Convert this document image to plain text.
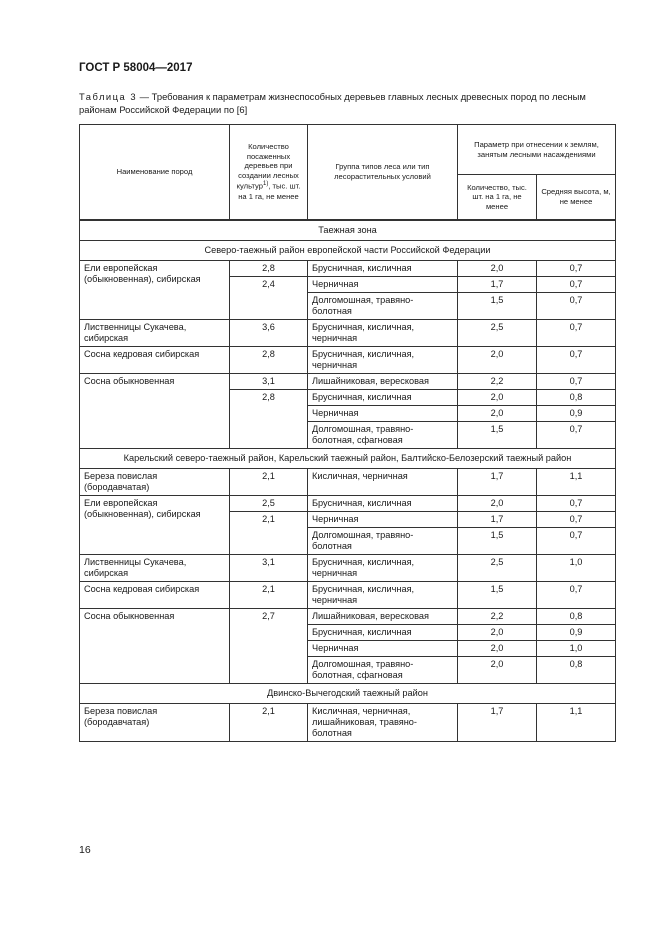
ГОСТ Р 58004—2017
Таблица 3 — Требования к параметрам жизнеспособных деревьев главных лесных древесных пород по лесным районам Российской Федерации по [6]
Наименование пород	Количество посаженных деревьев при создании лесных культур$^{1)}$, тыс. шт. на 1 га, не менее	Группа типов леса или тип лесорастительных условий	Параметр при отнесении к землям, занятым лесными насаждениями	
			Количество, тыс. шт. на 1 га, не менее	Средняя высота, м, не менее
Таежная зона				
Северо-таежный район европейской части Российской Федерации				
Ели европейская (обыкновенная), сибирская	2,8	Брусничная, кисличная	2,0	0,7
	2,4	Черничная	1,7	0,7
		Долгомошная, травяно-болотная	1,5	0,7
Лиственницы Сукачева, сибирская	3,6	Брусничная, кисличная, черничная	2,5	0,7
Сосна кедровая сибирская	2,8	Брусничная, кисличная, черничная	2,0	0,7
Сосна обыкновенная	3,1	Лишайниковая, вересковая	2,2	0,7
	2,8	Брусничная, кисличная	2,0	0,8
		Черничная	2,0	0,9
		Долгомошная, травяно-болотная, сфагновая	1,5	0,7
Карельский северо-таежный район, Карельский таежный район, Балтийско-Белозерский таежный район				
Береза повислая (бородавчатая)	2,1	Кисличная, черничная	1,7	1,1
Ели европейская (обыкновенная), сибирская	2,5	Брусничная, кисличная	2,0	0,7
	2,1	Черничная	1,7	0,7
		Долгомошная, травяно-болотная	1,5	0,7
Лиственницы Сукачева, сибирская	3,1	Брусничная, кисличная, черничная	2,5	1,0
Сосна кедровая сибирская	2,1	Брусничная, кисличная, черничная	1,5	0,7
Сосна обыкновенная	2,7	Лишайниковая, вересковая	2,2	0,8
		Брусничная, кисличная	2,0	0,9
		Черничная	2,0	1,0
		Долгомошная, травяно-болотная, сфагновая	2,0	0,8
Двинско-Вычегодский таежный район				
Береза повислая (бородавчатая)	2,1	Кисличная, черничная, лишайниковая, травяно-болотная	1,7	1,1
16
